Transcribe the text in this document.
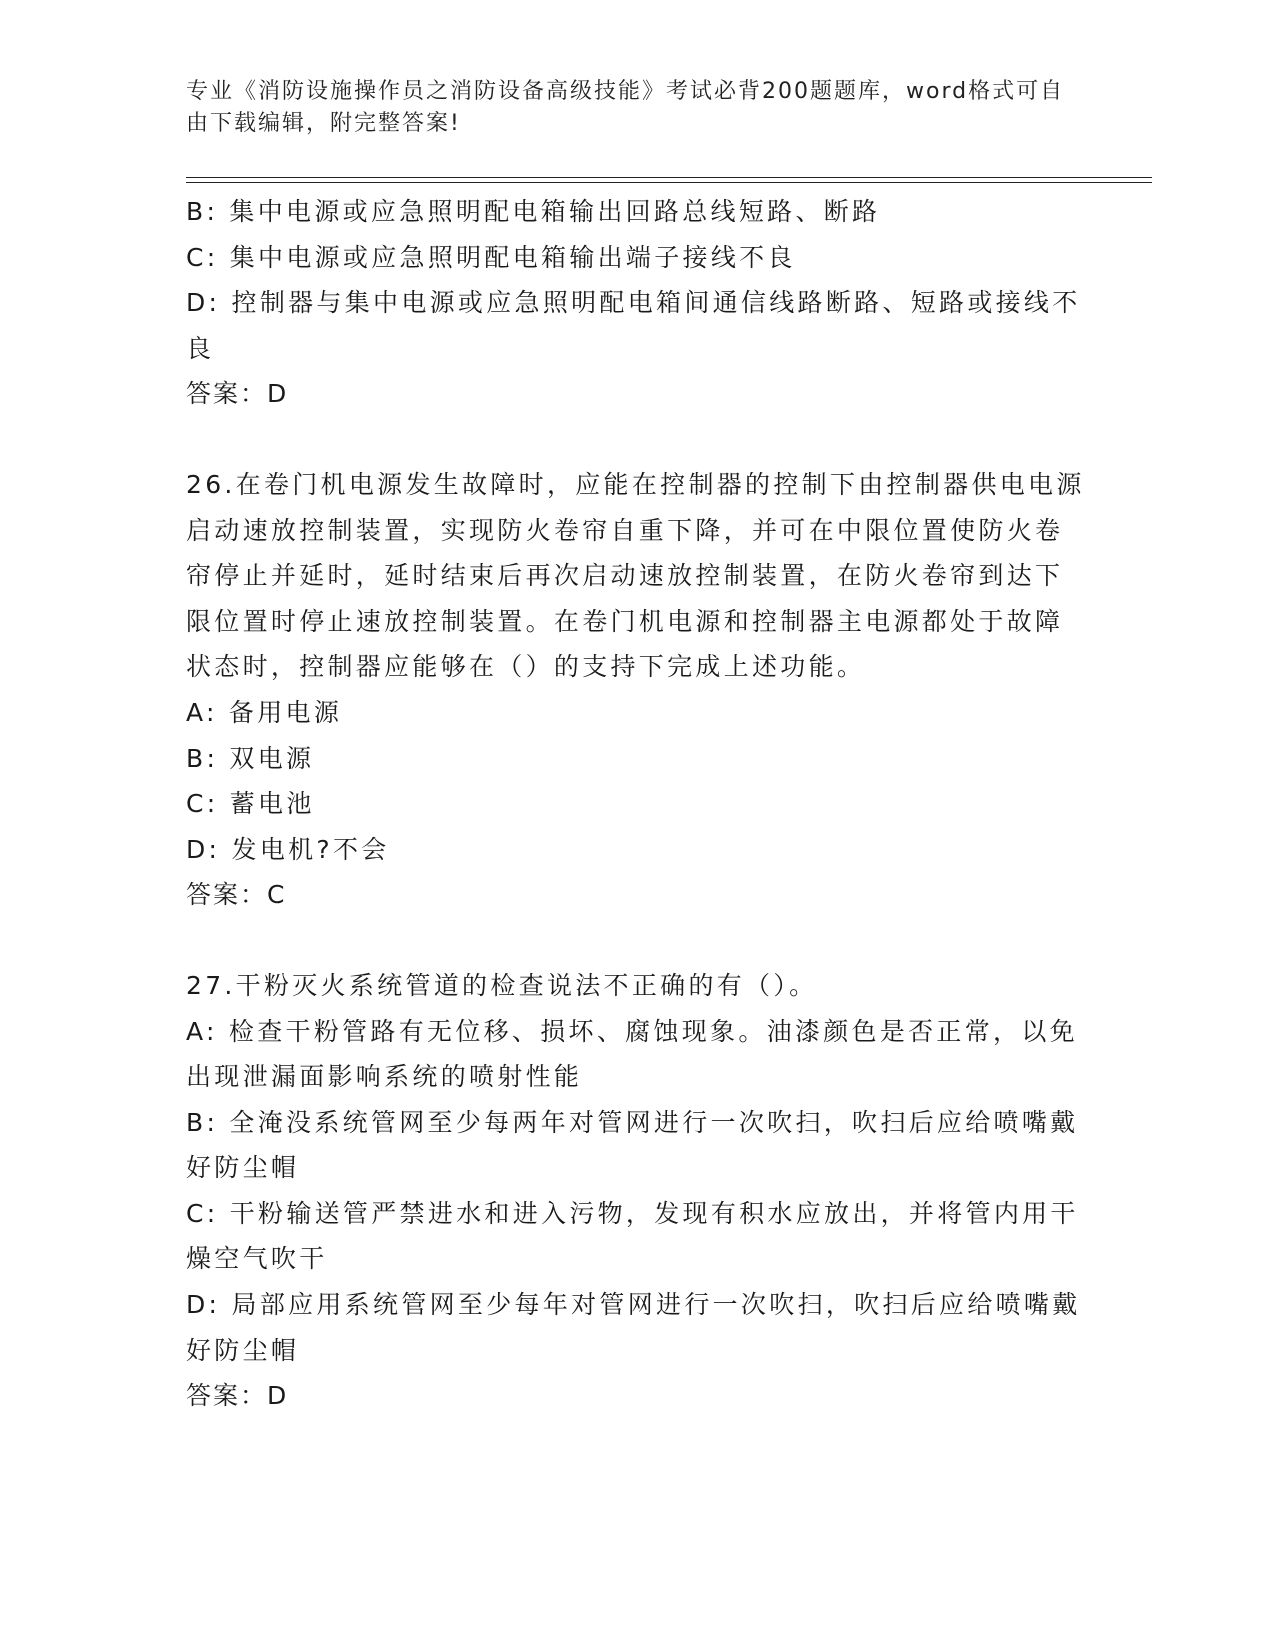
专业《消防设施操作员之消防设备高级技能》考试必背200题题库，word格式可自由下载编辑，附完整答案!

B: 集中电源或应急照明配电箱输出回路总线短路、断路

C: 集中电源或应急照明配电箱输出端子接线不良

D: 控制器与集中电源或应急照明配电箱间通信线路断路、短路或接线不良

答案：D

26.在卷门机电源发生故障时，应能在控制器的控制下由控制器供电电源启动速放控制装置，实现防火卷帘自重下降，并可在中限位置使防火卷帘停止并延时，延时结束后再次启动速放控制装置，在防火卷帘到达下限位置时停止速放控制装置。在卷门机电源和控制器主电源都处于故障状态时，控制器应能够在（）的支持下完成上述功能。

A: 备用电源

B: 双电源

C: 蓄电池

D: 发电机?不会

答案：C

27.干粉灭火系统管道的检查说法不正确的有（）。

A: 检查干粉管路有无位移、损坏、腐蚀现象。油漆颜色是否正常，以免出现泄漏面影响系统的喷射性能

B: 全淹没系统管网至少每两年对管网进行一次吹扫，吹扫后应给喷嘴戴好防尘帽

C: 干粉输送管严禁进水和进入污物，发现有积水应放出，并将管内用干燥空气吹干

D: 局部应用系统管网至少每年对管网进行一次吹扫，吹扫后应给喷嘴戴好防尘帽

答案：D
